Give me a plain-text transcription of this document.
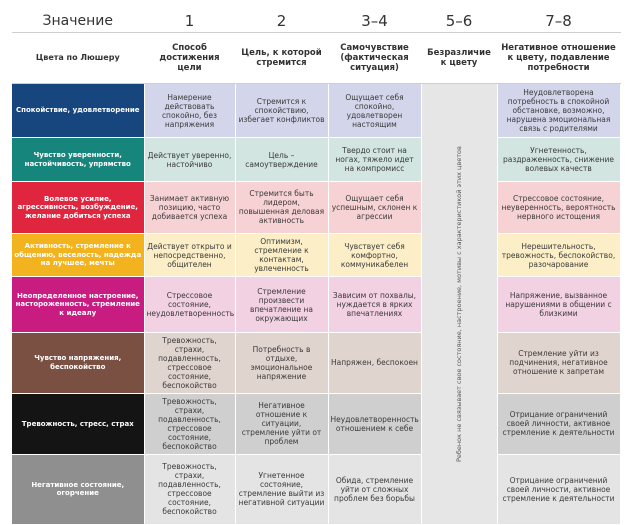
Значение	1	2	3–4	5–6	7–8
Цвета по Люшеру	Способ достижения цели	Цель, к которой стремится	Самочувствие (фактическая ситуация)	Безразличие к цвету	Негативное отношение к цвету, подавление потребности
Спокойствие, удовлетворение	Намерение действовать спокойно, без напряжения	Стремится к спокойствию, избегает конфликтов	Ощущает себя спокойно, удовлетворен настоящим	Ребенок не связывает свое состояние, настроение, мотивы с характеристикой этих цветов	Неудовлетворена потребность в спокойной обстановке, возможно, нарушена эмоциональная связь с родителями
Чувство уверенности, настойчивость, упрямство	Действует уверенно, настойчиво	Цель – самоутверждение	Твердо стоит на ногах, тяжело идет на компромисс		Угнетенность, раздраженность, снижение волевых качеств
Волевое усилие, агрессивность, возбуждение, желание добиться успеха	Занимает активную позицию, часто добивается успеха	Стремится быть лидером, повышенная деловая активность	Ощущает себя успешным, склонен к агрессии		Стрессовое состояние, неуверенность, вероятность нервного истощения
Активность, стремление к общению, веселость, надежда на лучшее, мечты	Действует открыто и непосредственно, общителен	Оптимизм, стремление к контактам, увлеченность	Чувствует себя комфортно, коммуникабелен		Нерешительность, тревожность, беспокойство, разочарование
Неопределенное настроение, настороженность, стремление к идеалу	Стрессовое состояние, неудовлетворенность	Стремление произвести впечатление на окружающих	Зависим от похвалы, нуждается в ярких впечатлениях		Напряжение, вызванное нарушениями в общении с близкими
Чувство напряжения, беспокойство	Тревожность, страхи, подавленность, стрессовое состояние, беспокойство	Потребность в отдыхе, эмоциональное напряжение	Напряжен, беспокоен		Стремление уйти из подчинения, негативное отношение к запретам
Тревожность, стресс, страх	Тревожность, страхи, подавленность, стрессовое состояние, беспокойство	Негативное отношение к ситуации, стремление уйти от проблем	Неудовлетворенность отношением к себе		Отрицание ограничений своей личности, активное стремление к деятельности
Негативное состояние, огорчение	Тревожность, страхи, подавленность, стрессовое состояние, беспокойство	Угнетенное состояние, стремление выйти из негативной ситуации	Обида, стремление уйти от сложных проблем без борьбы		Отрицание ограничений своей личности, активное стремление к деятельности
